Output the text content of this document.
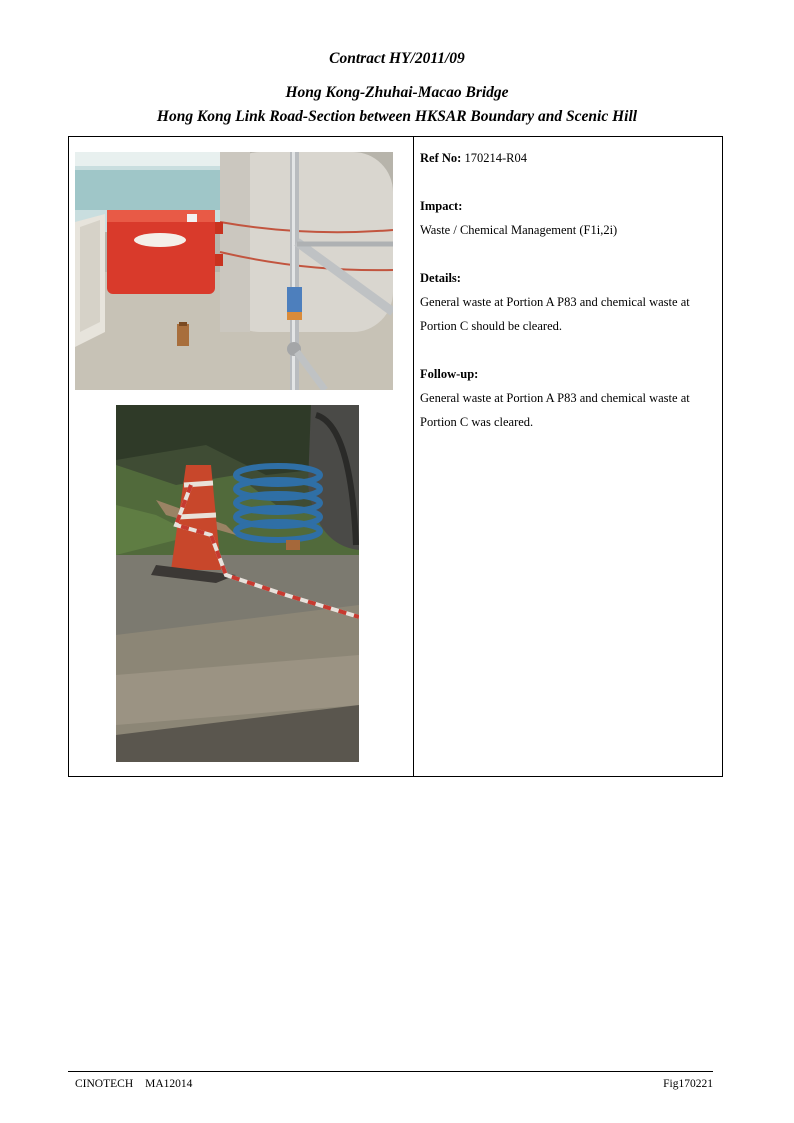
Contract HY/2011/09
Hong Kong-Zhuhai-Macao Bridge
Hong Kong Link Road-Section between HKSAR Boundary and Scenic Hill

Ref No: 170214-R04

Impact:

Waste / Chemical Management (F1i,2i)

Details:

General waste at Portion A P83 and chemical waste at Portion C should be cleared.

Follow-up:

General waste at Portion A P83 and chemical waste at Portion C was cleared.

CINOTECH MA12014	Fig170221
